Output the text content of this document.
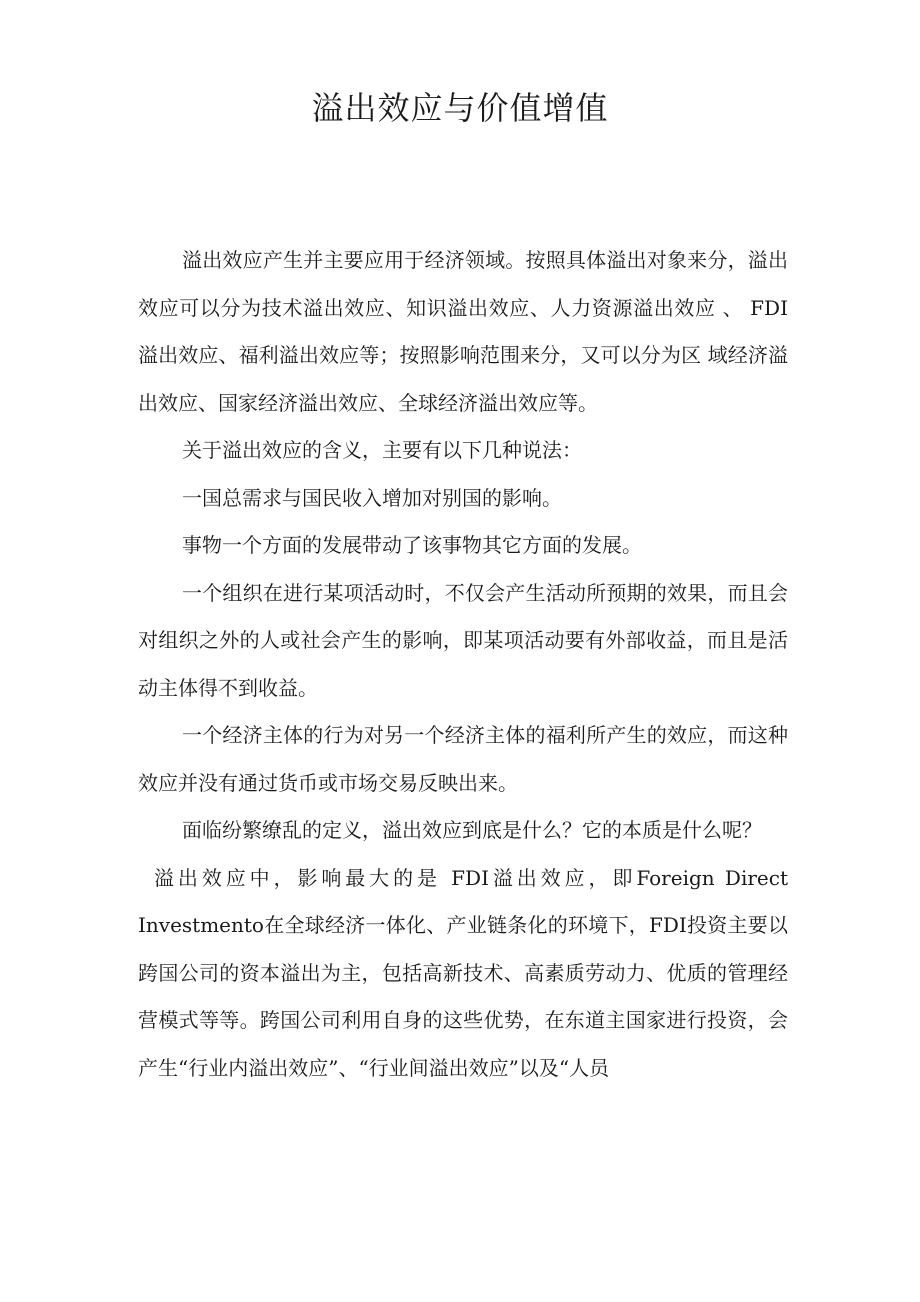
溢出效应与价值增值

溢出效应产生并主要应用于经济领域。按照具体溢出对象来分，溢出效应可以分为技术溢出效应、知识溢出效应、人力资源溢出效应 、 FDI溢出效应、福利溢出效应等；按照影响范围来分，又可以分为区 域经济溢出效应、国家经济溢出效应、全球经济溢出效应等。

关于溢出效应的含义，主要有以下几种说法：

一国总需求与国民收入增加对别国的影响。

事物一个方面的发展带动了该事物其它方面的发展。

一个组织在进行某项活动时，不仅会产生活动所预期的效果，而且会对组织之外的人或社会产生的影响，即某项活动要有外部收益，而且是活动主体得不到收益。

一个经济主体的行为对另一个经济主体的福利所产生的效应，而这种效应并没有通过货币或市场交易反映出来。

面临纷繁缭乱的定义，溢出效应到底是什么？它的本质是什么呢？

溢出效应中，影响最大的是 FDI溢出效应，即Foreign Direct Investmento在全球经济一体化、产业链条化的环境下，FDI投资主要以跨国公司的资本溢出为主，包括高新技术、高素质劳动力、优质的管理经营模式等等。跨国公司利用自身的这些优势，在东道主国家进行投资，会产生“行业内溢出效应”、“行业间溢出效应”以及“人员
